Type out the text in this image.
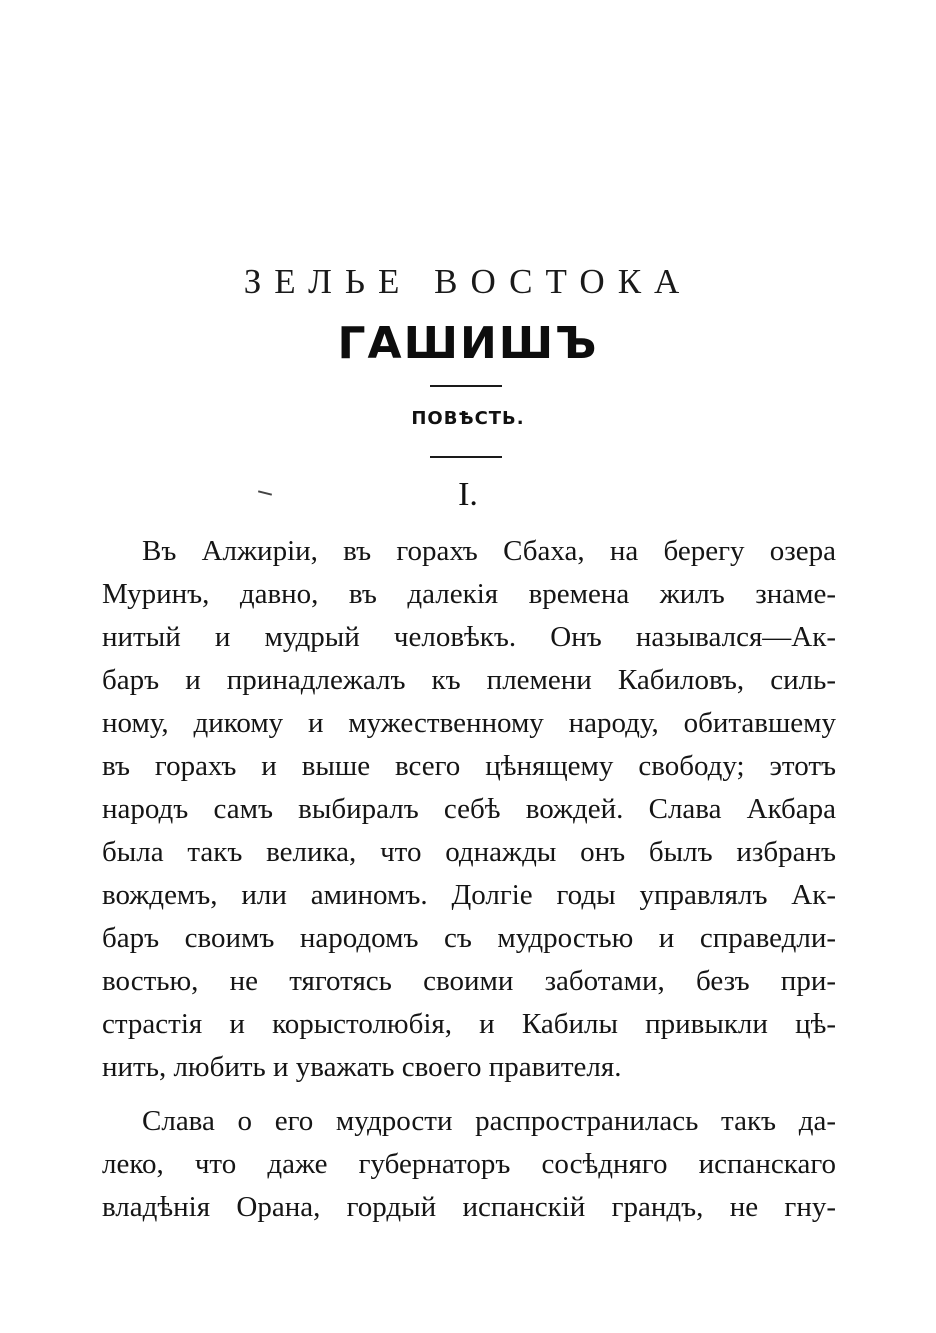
ЗЕЛЬЕ ВОСТОКА
ГАШИШЪ
ПОВѢСТЬ.
I.
Въ Алжиріи, въ горахъ Сбаха, на берегу озера
Муринъ, давно, въ далекія времена жилъ знаме-
нитый и мудрый человѣкъ. Онъ назывался—Ак-
баръ и принадлежалъ къ племени Кабиловъ, силь-
ному, дикому и мужественному народу, обитавшему
въ горахъ и выше всего цѣнящему свободу; этотъ
народъ самъ выбиралъ себѣ вождей. Слава Акбара
была такъ велика, что однажды онъ былъ избранъ
вождемъ, или аминомъ. Долгіе годы управлялъ Ак-
баръ своимъ народомъ съ мудростью и справедли-
востью, не тяготясь своими заботами, безъ при-
страстія и корыстолюбія, и Кабилы привыкли цѣ-
нить, любить и уважать своего правителя.
Слава о его мудрости распространилась такъ да-
леко, что даже губернаторъ сосѣдняго испанскаго
владѣнія Орана, гордый испанскій грандъ, не гну-
